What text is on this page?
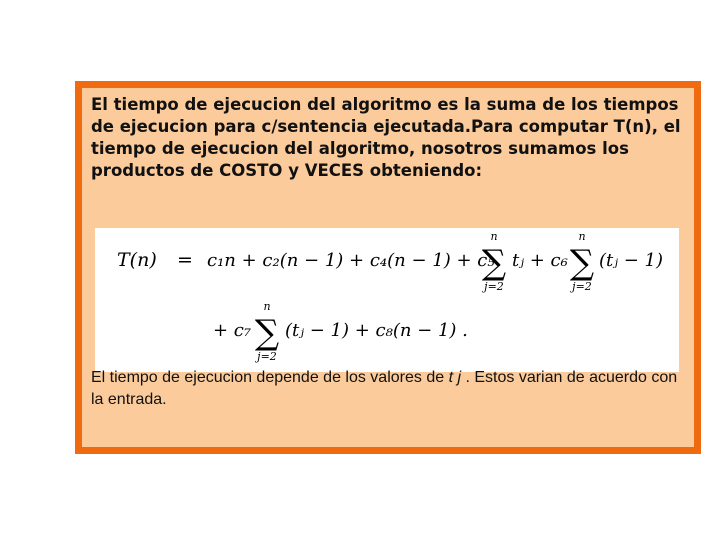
El tiempo de ejecucion del algoritmo es la suma de los tiempos de ejecucion para c/sentencia ejecutada.Para computar T(n), el tiempo de ejecucion del algoritmo, nosotros sumamos los productos de COSTO y VECES obteniendo:

T(n) = c₁n + c₂(n − 1) + c₄(n − 1) + c₅
n
∑
j=2
tⱼ + c₆
n
∑
j=2
(tⱼ − 1)
+ c₇
n
∑
j=2
(tⱼ − 1) + c₈(n − 1) .

El tiempo de ejecucion depende de los valores de t j . Estos varian de acuerdo con la entrada.
